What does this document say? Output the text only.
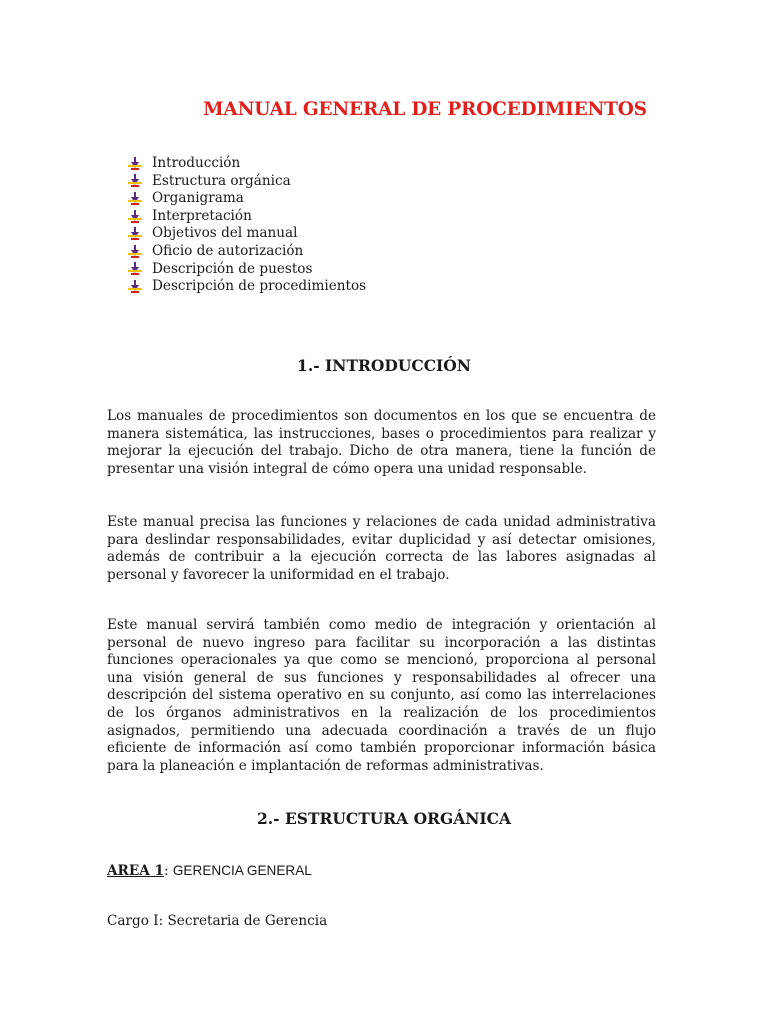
MANUAL GENERAL DE PROCEDIMIENTOS
Introducción
Estructura orgánica
Organigrama
Interpretación
Objetivos del manual
Oficio de autorización
Descripción de puestos
Descripción de procedimientos
1.- INTRODUCCIÓN

Los manuales de procedimientos son documentos en los que se encuentra de manera sistemática, las instrucciones, bases o procedimientos para realizar y mejorar la ejecución del trabajo. Dicho de otra manera, tiene la función de presentar una visión integral de cómo opera una unidad responsable.

Este manual precisa las funciones y relaciones de cada unidad administrativa para deslindar responsabilidades, evitar duplicidad y así detectar omisiones, además de contribuir a la ejecución correcta de las labores asignadas al personal y favorecer la uniformidad en el trabajo.

Este manual servirá también como medio de integración y orientación al personal de nuevo ingreso para facilitar su incorporación a las distintas funciones operacionales ya que como se mencionó, proporciona al personal una visión general de sus funciones y responsabilidades al ofrecer una descripción del sistema operativo en su conjunto, así como las interrelaciones de los órganos administrativos en la realización de los procedimientos asignados, permitiendo una adecuada coordinación a través de un flujo eficiente de información así como también proporcionar información básica para la planeación e implantación de reformas administrativas.

2.- ESTRUCTURA ORGÁNICA

AREA 1: GERENCIA GENERAL

Cargo I: Secretaria de Gerencia
